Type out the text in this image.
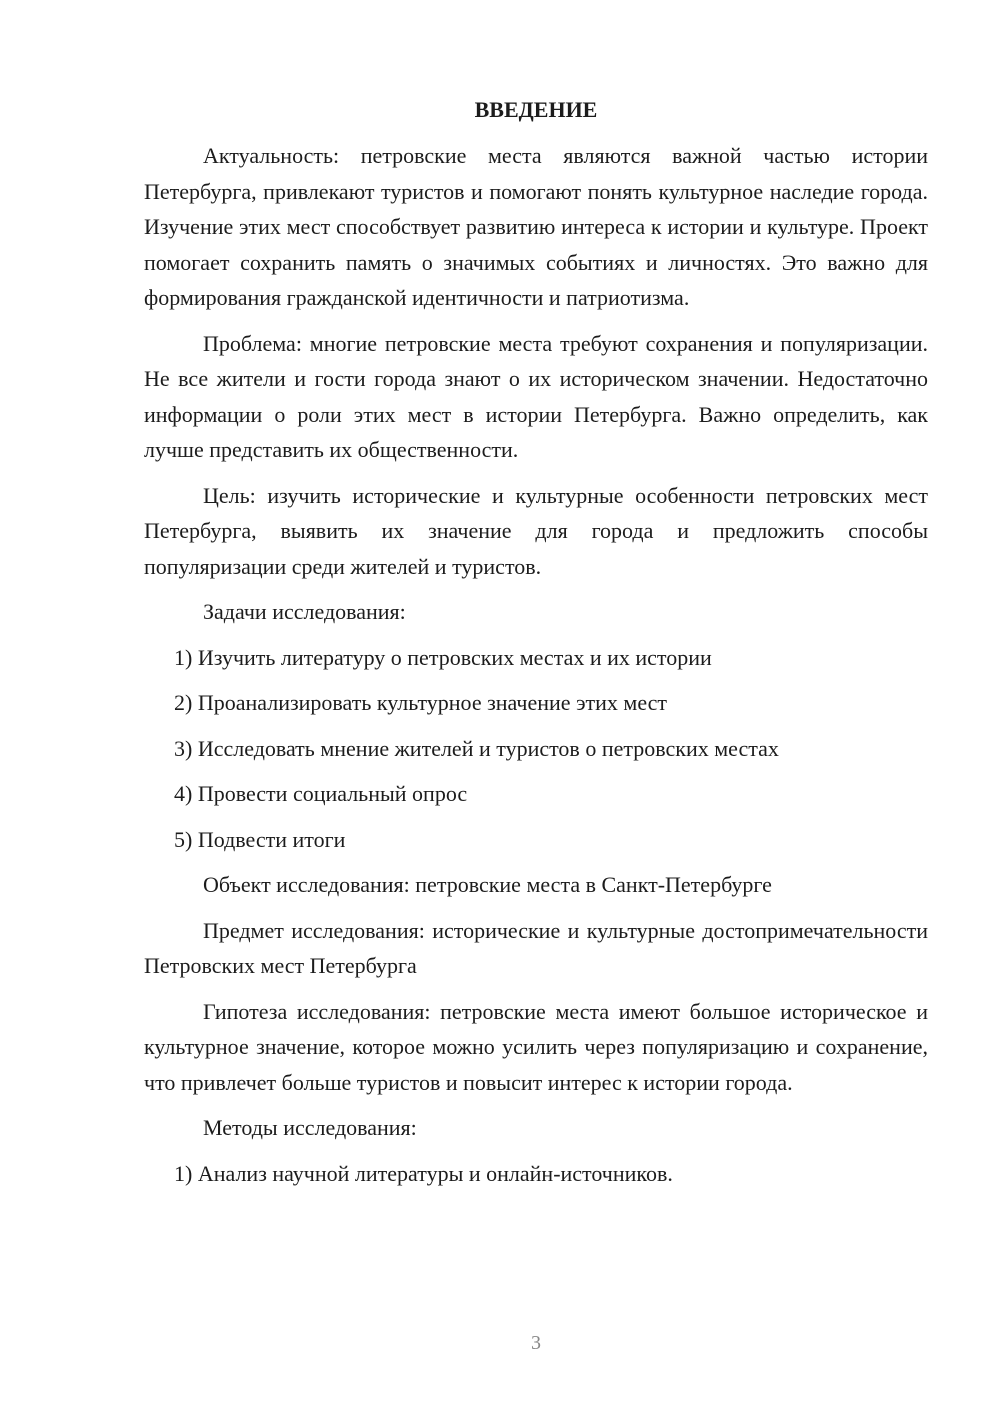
ВВЕДЕНИЕ
Актуальность: петровские места являются важной частью истории Петербурга, привлекают туристов и помогают понять культурное наследие города. Изучение этих мест способствует развитию интереса к истории и культуре. Проект помогает сохранить память о значимых событиях и личностях. Это важно для формирования гражданской идентичности и патриотизма.
Проблема: многие петровские места требуют сохранения и популяризации. Не все жители и гости города знают о их историческом значении. Недостаточно информации о роли этих мест в истории Петербурга. Важно определить, как лучше представить их общественности.
Цель: изучить исторические и культурные особенности петровских мест Петербурга, выявить их значение для города и предложить способы популяризации среди жителей и туристов.
Задачи исследования:
1) Изучить литературу о петровских местах и их истории
2) Проанализировать культурное значение этих мест
3) Исследовать мнение жителей и туристов о петровских местах
4) Провести социальный опрос
5) Подвести итоги
Объект исследования: петровские места в Санкт-Петербурге
Предмет исследования: исторические и культурные достопримечательности Петровских мест Петербурга
Гипотеза исследования: петровские места имеют большое историческое и культурное значение, которое можно усилить через популяризацию и сохранение, что привлечет больше туристов и повысит интерес к истории города.
Методы исследования:
1) Анализ научной литературы и онлайн-источников.
3
